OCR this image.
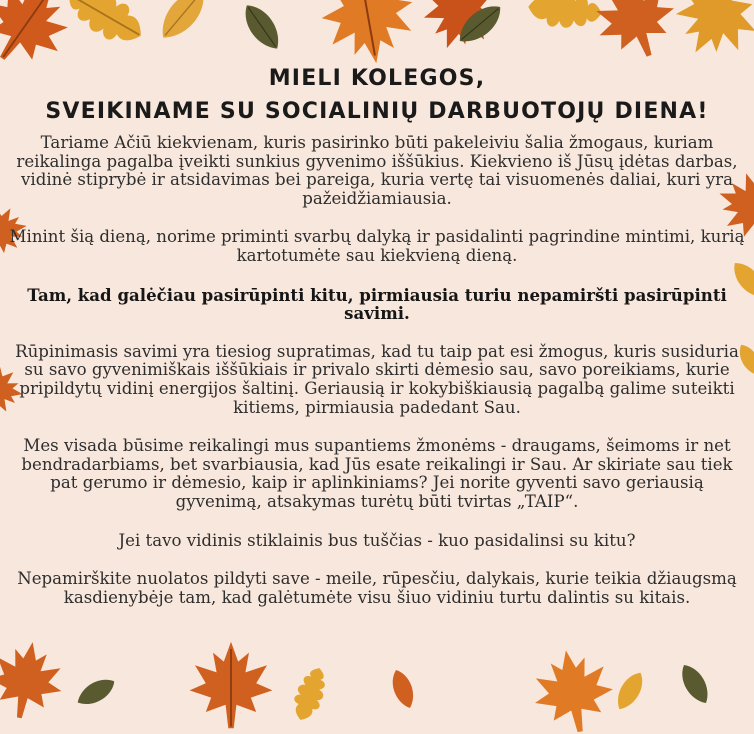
MIELI KOLEGOS,
SVEIKINAME SU SOCIALINIŲ DARBUOTOJŲ DIENA!

Tariame Ačiū kiekvienam, kuris pasirinko būti pakeleiviu šalia žmogaus, kuriam reikalinga pagalba įveikti sunkius gyvenimo iššūkius. Kiekvieno iš Jūsų įdėtas darbas, vidinė stiprybė ir atsidavimas bei pareiga, kuria vertę tai visuomenės daliai, kuri yra pažeidžiamiausia.

Minint šią dieną, norime priminti svarbų dalyką ir pasidalinti pagrindine mintimi, kurią kartotumėte sau kiekvieną dieną.

Tam, kad galėčiau pasirūpinti kitu, pirmiausia turiu nepamiršti pasirūpinti savimi.

Rūpinimasis savimi yra tiesiog supratimas, kad tu taip pat esi žmogus, kuris susiduria su savo gyvenimiškais iššūkiais ir privalo skirti dėmesio sau, savo poreikiams, kurie pripildytų vidinį energijos šaltinį. Geriausią ir kokybiškiausią pagalbą galime suteikti kitiems, pirmiausia padedant Sau.

Mes visada būsime reikalingi mus supantiems žmonėms - draugams, šeimoms ir net bendradarbiams, bet svarbiausia, kad Jūs esate reikalingi ir Sau. Ar skiriate sau tiek pat gerumo ir dėmesio, kaip ir aplinkiniams? Jei norite gyventi savo geriausią gyvenimą, atsakymas turėtų būti tvirtas „TAIP“.

Jei tavo vidinis stiklainis bus tuščias - kuo pasidalinsi su kitu?

Nepamirškite nuolatos pildyti save - meile, rūpesčiu, dalykais, kurie teikia džiaugsmą kasdienybėje tam, kad galėtumėte visu šiuo vidiniu turtu dalintis su kitais.
